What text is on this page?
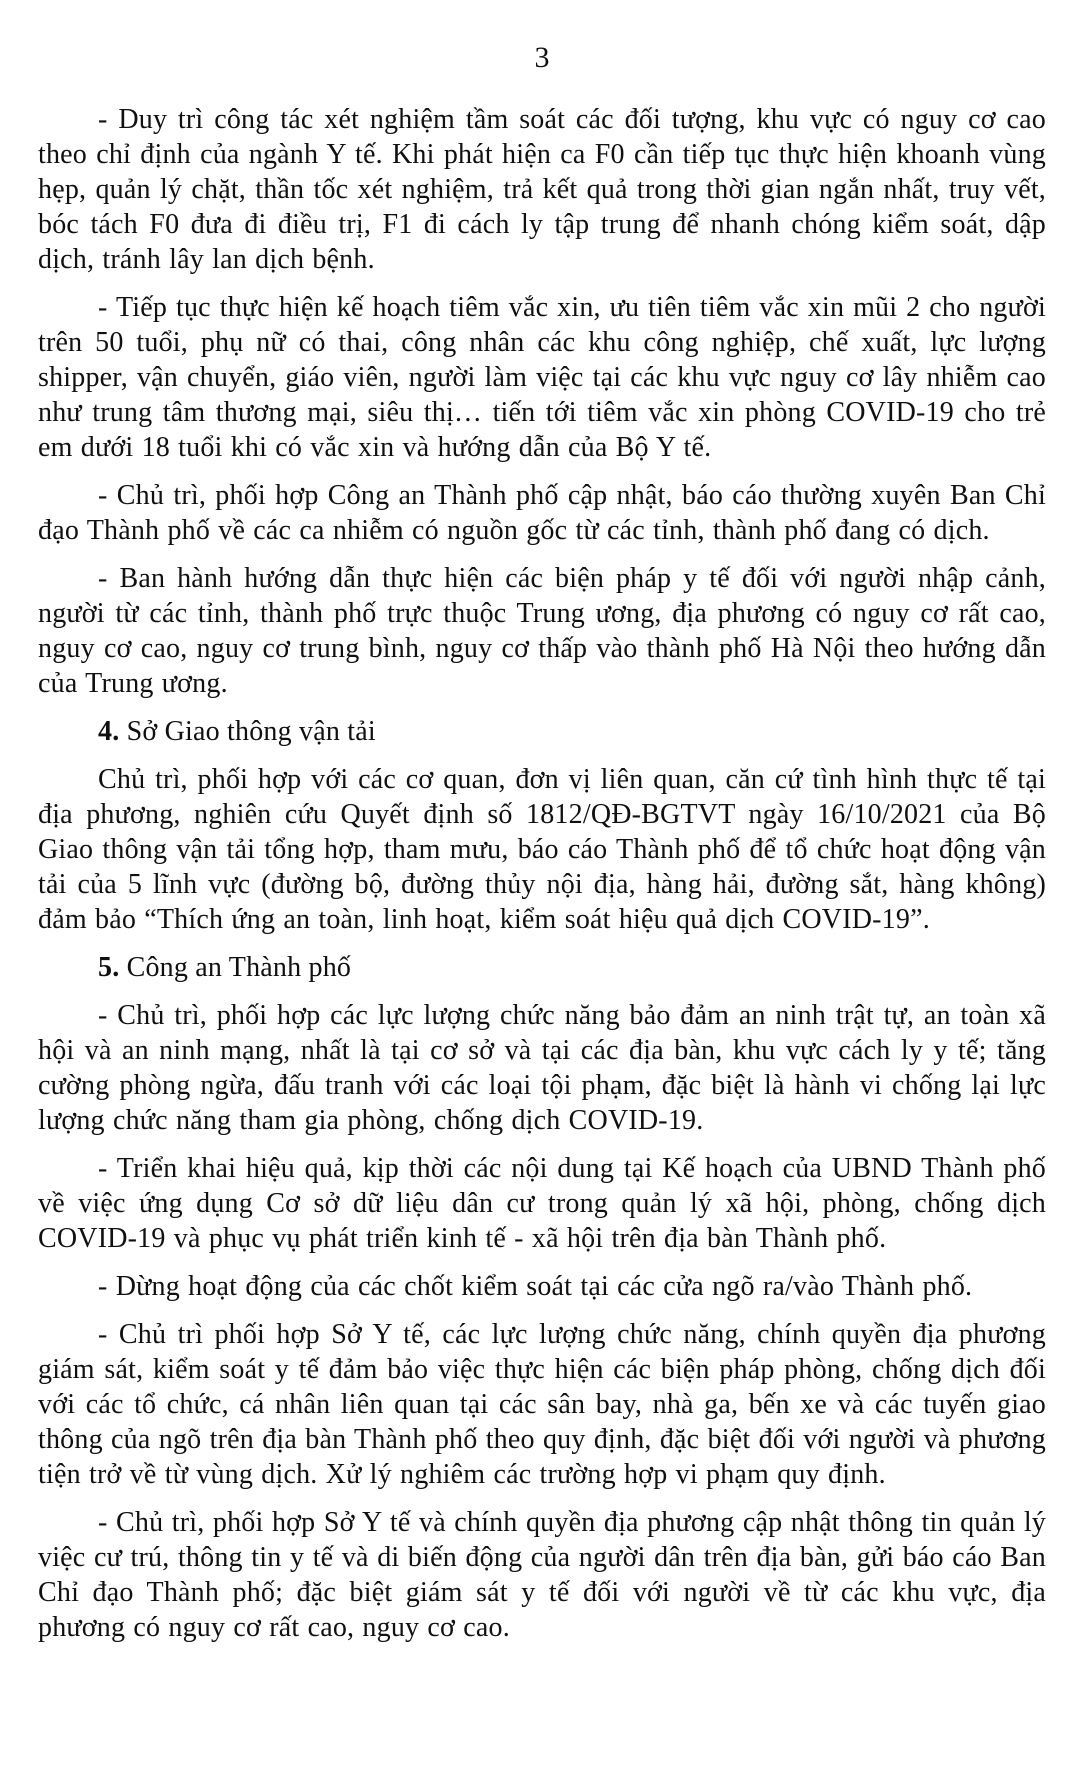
3

- Duy trì công tác xét nghiệm tầm soát các đối tượng, khu vực có nguy cơ cao theo chỉ định của ngành Y tế. Khi phát hiện ca F0 cần tiếp tục thực hiện khoanh vùng hẹp, quản lý chặt, thần tốc xét nghiệm, trả kết quả trong thời gian ngắn nhất, truy vết, bóc tách F0 đưa đi điều trị, F1 đi cách ly tập trung để nhanh chóng kiểm soát, dập dịch, tránh lây lan dịch bệnh.

- Tiếp tục thực hiện kế hoạch tiêm vắc xin, ưu tiên tiêm vắc xin mũi 2 cho người trên 50 tuổi, phụ nữ có thai, công nhân các khu công nghiệp, chế xuất, lực lượng shipper, vận chuyển, giáo viên, người làm việc tại các khu vực nguy cơ lây nhiễm cao như trung tâm thương mại, siêu thị… tiến tới tiêm vắc xin phòng COVID-19 cho trẻ em dưới 18 tuổi khi có vắc xin và hướng dẫn của Bộ Y tế.

- Chủ trì, phối hợp Công an Thành phố cập nhật, báo cáo thường xuyên Ban Chỉ đạo Thành phố về các ca nhiễm có nguồn gốc từ các tỉnh, thành phố đang có dịch.

- Ban hành hướng dẫn thực hiện các biện pháp y tế đối với người nhập cảnh, người từ các tỉnh, thành phố trực thuộc Trung ương, địa phương có nguy cơ rất cao, nguy cơ cao, nguy cơ trung bình, nguy cơ thấp vào thành phố Hà Nội theo hướng dẫn của Trung ương.

4. Sở Giao thông vận tải

Chủ trì, phối hợp với các cơ quan, đơn vị liên quan, căn cứ tình hình thực tế tại địa phương, nghiên cứu Quyết định số 1812/QĐ-BGTVT ngày 16/10/2021 của Bộ Giao thông vận tải tổng hợp, tham mưu, báo cáo Thành phố để tổ chức hoạt động vận tải của 5 lĩnh vực (đường bộ, đường thủy nội địa, hàng hải, đường sắt, hàng không) đảm bảo “Thích ứng an toàn, linh hoạt, kiểm soát hiệu quả dịch COVID-19”.

5. Công an Thành phố

- Chủ trì, phối hợp các lực lượng chức năng bảo đảm an ninh trật tự, an toàn xã hội và an ninh mạng, nhất là tại cơ sở và tại các địa bàn, khu vực cách ly y tế; tăng cường phòng ngừa, đấu tranh với các loại tội phạm, đặc biệt là hành vi chống lại lực lượng chức năng tham gia phòng, chống dịch COVID-19.

- Triển khai hiệu quả, kịp thời các nội dung tại Kế hoạch của UBND Thành phố về việc ứng dụng Cơ sở dữ liệu dân cư trong quản lý xã hội, phòng, chống dịch COVID-19 và phục vụ phát triển kinh tế - xã hội trên địa bàn Thành phố.

- Dừng hoạt động của các chốt kiểm soát tại các cửa ngõ ra/vào Thành phố.

- Chủ trì phối hợp Sở Y tế, các lực lượng chức năng, chính quyền địa phương giám sát, kiểm soát y tế đảm bảo việc thực hiện các biện pháp phòng, chống dịch đối với các tổ chức, cá nhân liên quan tại các sân bay, nhà ga, bến xe và các tuyến giao thông của ngõ trên địa bàn Thành phố theo quy định, đặc biệt đối với người và phương tiện trở về từ vùng dịch. Xử lý nghiêm các trường hợp vi phạm quy định.

- Chủ trì, phối hợp Sở Y tế và chính quyền địa phương cập nhật thông tin quản lý việc cư trú, thông tin y tế và di biến động của người dân trên địa bàn, gửi báo cáo Ban Chỉ đạo Thành phố; đặc biệt giám sát y tế đối với người về từ các khu vực, địa phương có nguy cơ rất cao, nguy cơ cao.
